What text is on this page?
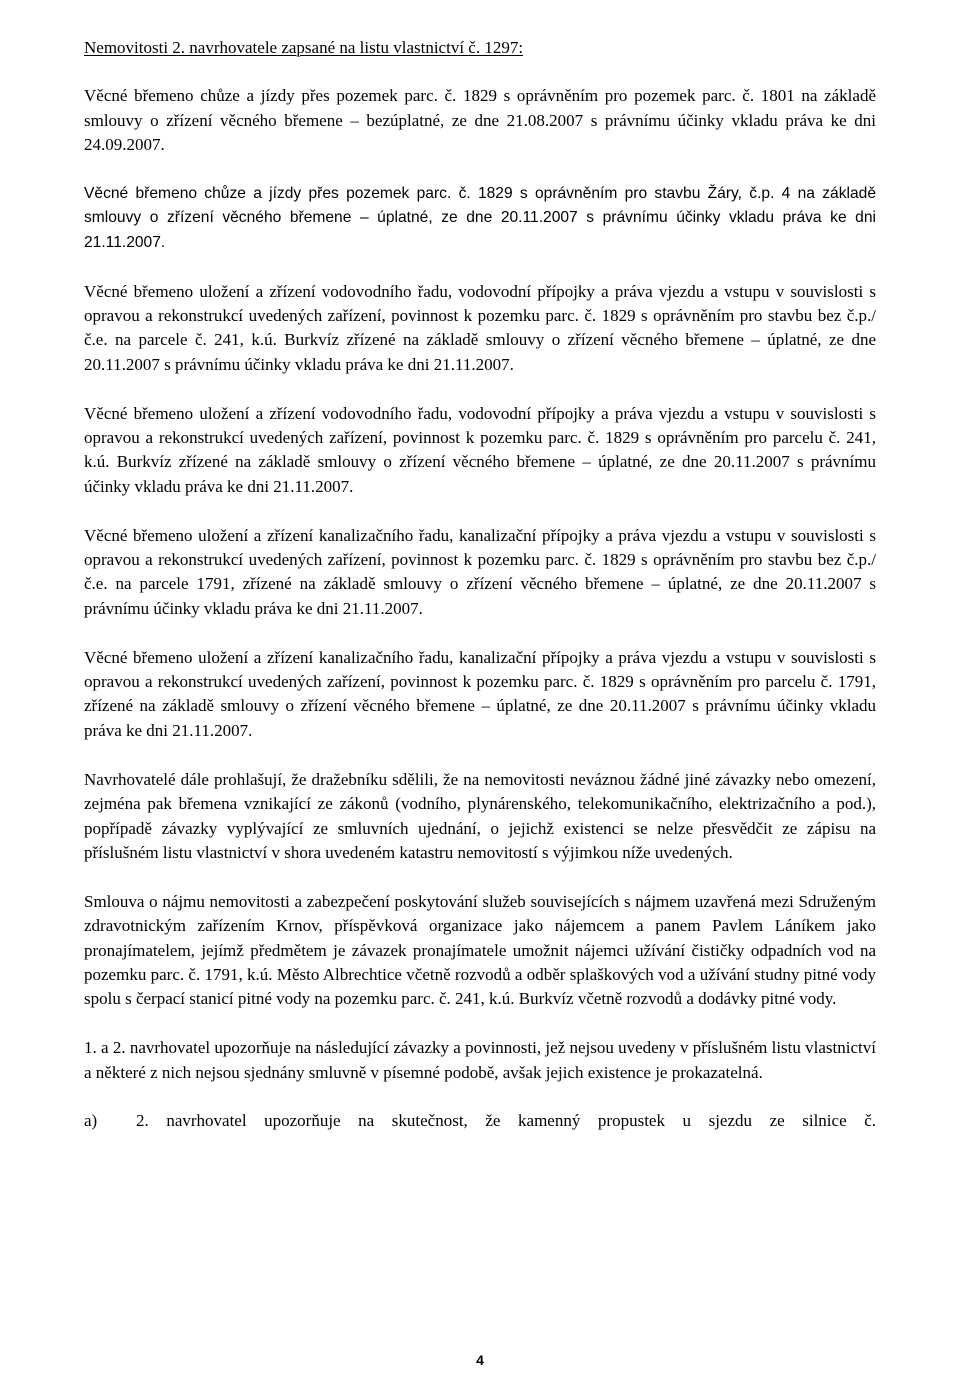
Nemovitosti 2. navrhovatele zapsané na listu vlastnictví č. 1297:

Věcné břemeno chůze a jízdy přes pozemek parc. č. 1829 s oprávněním pro pozemek parc. č. 1801 na základě smlouvy o zřízení věcného břemene – bezúplatné, ze dne 21.08.2007 s právnímu účinky vkladu práva ke dni 24.09.2007.

Věcné břemeno chůze a jízdy přes pozemek parc. č. 1829 s oprávněním pro stavbu Žáry, č.p. 4 na základě smlouvy o zřízení věcného břemene – úplatné, ze dne 20.11.2007 s právnímu účinky vkladu práva ke dni 21.11.2007.

Věcné břemeno uložení a zřízení vodovodního řadu, vodovodní přípojky a práva vjezdu a vstupu v souvislosti s opravou a rekonstrukcí uvedených zařízení, povinnost k pozemku parc. č. 1829 s oprávněním pro stavbu bez č.p./č.e. na parcele č. 241, k.ú. Burkvíz zřízené na základě smlouvy o zřízení věcného břemene – úplatné, ze dne 20.11.2007 s právnímu účinky vkladu práva ke dni 21.11.2007.

Věcné břemeno uložení a zřízení vodovodního řadu, vodovodní přípojky a práva vjezdu a vstupu v souvislosti s opravou a rekonstrukcí uvedených zařízení, povinnost k pozemku parc. č. 1829 s oprávněním pro parcelu č. 241, k.ú. Burkvíz zřízené na základě smlouvy o zřízení věcného břemene – úplatné, ze dne 20.11.2007 s právnímu účinky vkladu práva ke dni 21.11.2007.

Věcné břemeno uložení a zřízení kanalizačního řadu, kanalizační přípojky a práva vjezdu a vstupu v souvislosti s opravou a rekonstrukcí uvedených zařízení, povinnost k pozemku parc. č. 1829 s oprávněním pro stavbu bez č.p./č.e. na parcele 1791, zřízené na základě smlouvy o zřízení věcného břemene – úplatné, ze dne 20.11.2007 s právnímu účinky vkladu práva ke dni 21.11.2007.

Věcné břemeno uložení a zřízení kanalizačního řadu, kanalizační přípojky a práva vjezdu a vstupu v souvislosti s opravou a rekonstrukcí uvedených zařízení, povinnost k pozemku parc. č. 1829 s oprávněním pro parcelu č. 1791, zřízené na základě smlouvy o zřízení věcného břemene – úplatné, ze dne 20.11.2007 s právnímu účinky vkladu práva ke dni 21.11.2007.

Navrhovatelé dále prohlašují, že dražebníku sdělili, že na nemovitosti neváznou žádné jiné závazky nebo omezení, zejména pak břemena vznikající ze zákonů (vodního, plynárenského, telekomunikačního, elektrizačního a pod.), popřípadě závazky vyplývající ze smluvních ujednání, o jejichž existenci se nelze přesvědčit ze zápisu na příslušném listu vlastnictví v shora uvedeném katastru nemovitostí s výjimkou níže uvedených.

Smlouva o nájmu nemovitosti a zabezpečení poskytování služeb souvisejících s nájmem uzavřená mezi Sdruženým zdravotnickým zařízením Krnov, příspěvková organizace jako nájemcem a panem Pavlem Láníkem jako pronajímatelem, jejímž předmětem je závazek pronajímatele umožnit nájemci užívání čističky odpadních vod na pozemku parc. č. 1791, k.ú. Město Albrechtice včetně rozvodů a odběr splaškových vod a užívání studny pitné vody spolu s čerpací stanicí pitné vody na pozemku parc. č. 241, k.ú. Burkvíz včetně rozvodů a dodávky pitné vody.

1. a 2. navrhovatel upozorňuje na následující závazky a povinnosti, jež nejsou uvedeny v příslušném listu vlastnictví a některé z nich nejsou sjednány smluvně v písemné podobě, avšak jejich existence je prokazatelná.

a)	2. navrhovatel upozorňuje na skutečnost, že kamenný propustek u sjezdu ze silnice č.
4
